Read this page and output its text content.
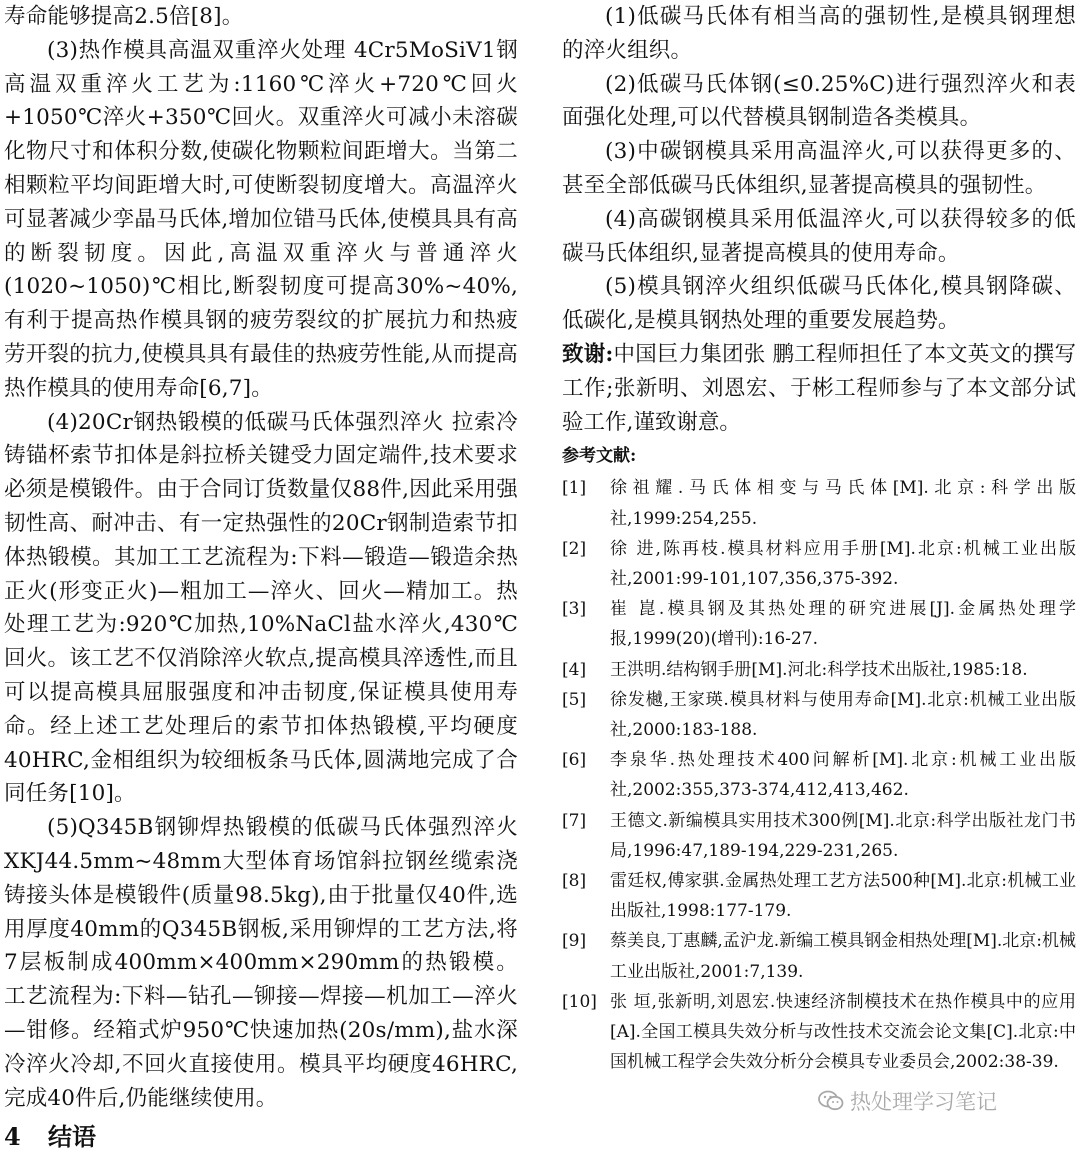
寿命能够提高2.5倍[8]。

(3)热作模具高温双重淬火处理 4Cr5MoSiV1钢高温双重淬火工艺为:1160℃淬火+720℃回火+1050℃淬火+350℃回火。双重淬火可减小未溶碳化物尺寸和体积分数,使碳化物颗粒间距增大。当第二相颗粒平均间距增大时,可使断裂韧度增大。高温淬火可显著减少孪晶马氏体,增加位错马氏体,使模具具有高的断裂韧度。因此,高温双重淬火与普通淬火(1020~1050)℃相比,断裂韧度可提高30%~40%,有利于提高热作模具钢的疲劳裂纹的扩展抗力和热疲劳开裂的抗力,使模具具有最佳的热疲劳性能,从而提高热作模具的使用寿命[6,7]。

(4)20Cr钢热锻模的低碳马氏体强烈淬火 拉索冷铸锚杯索节扣体是斜拉桥关键受力固定端件,技术要求必须是模锻件。由于合同订货数量仅88件,因此采用强韧性高、耐冲击、有一定热强性的20Cr钢制造索节扣体热锻模。其加工工艺流程为:下料—锻造—锻造余热正火(形变正火)—粗加工—淬火、回火—精加工。热处理工艺为:920℃加热,10%NaCl盐水淬火,430℃回火。该工艺不仅消除淬火软点,提高模具淬透性,而且可以提高模具屈服强度和冲击韧度,保证模具使用寿命。经上述工艺处理后的索节扣体热锻模,平均硬度40HRC,金相组织为较细板条马氏体,圆满地完成了合同任务[10]。

(5)Q345B钢铆焊热锻模的低碳马氏体强烈淬火 XKJ44.5mm~48mm大型体育场馆斜拉钢丝缆索浇铸接头体是模锻件(质量98.5kg),由于批量仅40件,选用厚度40mm的Q345B钢板,采用铆焊的工艺方法,将7层板制成400mm×400mm×290mm的热锻模。工艺流程为:下料—钻孔—铆接—焊接—机加工—淬火—钳修。经箱式炉950℃快速加热(20s/mm),盐水深冷淬火冷却,不回火直接使用。模具平均硬度46HRC,完成40件后,仍能继续使用。

4 结语

(1)低碳马氏体有相当高的强韧性,是模具钢理想的淬火组织。

(2)低碳马氏体钢(≤0.25%C)进行强烈淬火和表面强化处理,可以代替模具钢制造各类模具。

(3)中碳钢模具采用高温淬火,可以获得更多的、甚至全部低碳马氏体组织,显著提高模具的强韧性。

(4)高碳钢模具采用低温淬火,可以获得较多的低碳马氏体组织,显著提高模具的使用寿命。

(5)模具钢淬火组织低碳马氏体化,模具钢降碳、低碳化,是模具钢热处理的重要发展趋势。

致谢:中国巨力集团张 鹏工程师担任了本文英文的撰写工作;张新明、刘恩宏、于彬工程师参与了本文部分试验工作,谨致谢意。

参考文献:
[1]	徐祖耀.马氏体相变与马氏体[M].北京:科学出版社,1999:254,255.
[2]	徐 进,陈再枝.模具材料应用手册[M].北京:机械工业出版社,2001:99-101,107,356,375-392.
[3]	崔 崑.模具钢及其热处理的研究进展[J].金属热处理学报,1999(20)(增刊):16-27.
[4]	王洪明.结构钢手册[M].河北:科学技术出版社,1985:18.
[5]	徐发樾,王家瑛.模具材料与使用寿命[M].北京:机械工业出版社,2000:183-188.
[6]	李泉华.热处理技术400问解析[M].北京:机械工业出版社,2002:355,373-374,412,413,462.
[7]	王德文.新编模具实用技术300例[M].北京:科学出版社龙门书局,1996:47,189-194,229-231,265.
[8]	雷廷权,傅家骐.金属热处理工艺方法500种[M].北京:机械工业出版社,1998:177-179.
[9]	蔡美良,丁惠麟,孟沪龙.新编工模具钢金相热处理[M].北京:机械工业出版社,2001:7,139.
[10] 张 垣,张新明,刘恩宏.快速经济制模技术在热作模具中的应用[A].全国工模具失效分析与改性技术交流会论文集[C].北京:中国机械工程学会失效分析分会模具专业委员会,2002:38-39.
热处理学习笔记
